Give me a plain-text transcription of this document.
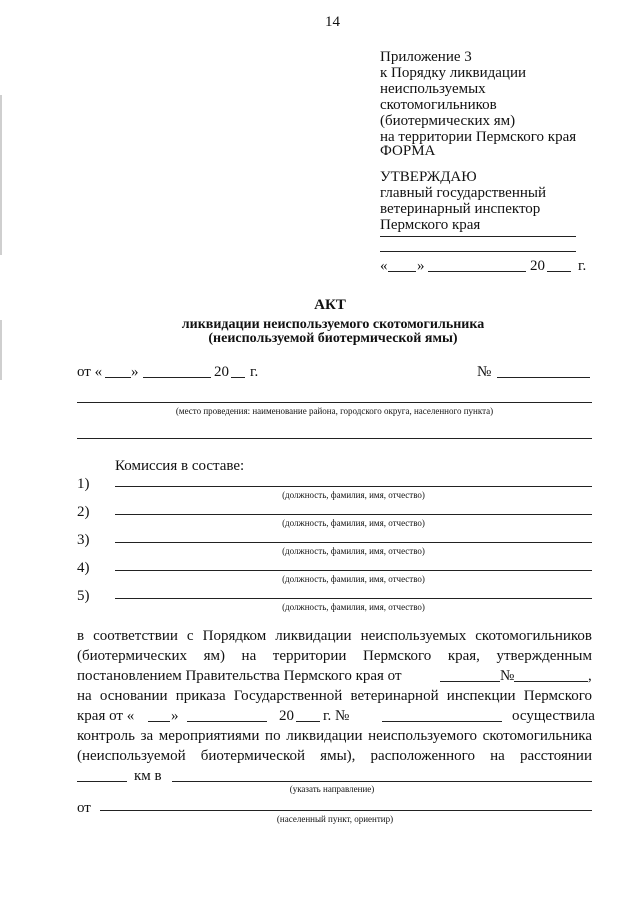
14
Приложение 3
к Порядку ликвидации
неиспользуемых
скотомогильников
(биотермических ям)
на территории Пермского края
ФОРМА
УТВЕРЖДАЮ
главный государственный
ветеринарный инспектор
Пермского края
« »	20 г.
АКТ
ликвидации неиспользуемого скотомогильника
(неиспользуемой биотермической ямы)
от « »	20 г.	№
(место проведения: наименование района, городского округа, населенного пункта)
Комиссия в составе:
1)
(должность, фамилия, имя, отчество)
2)
(должность, фамилия, имя, отчество)
3)
(должность, фамилия, имя, отчество)
4)
(должность, фамилия, имя, отчество)
5)
(должность, фамилия, имя, отчество)
в соответствии с Порядком ликвидации неиспользуемых скотомогильников
(биотермических ям) на территории Пермского края, утвержденным
постановлением Правительства Пермского края от	№	,
на основании приказа Государственной ветеринарной инспекции Пермского
края от « »	20 г. №	осуществила
контроль за мероприятиями по ликвидации неиспользуемого скотомогильника
(неиспользуемой биотермической ямы), расположенного на расстоянии
км в
(указать направление)
от
(населенный пункт, ориентир)
